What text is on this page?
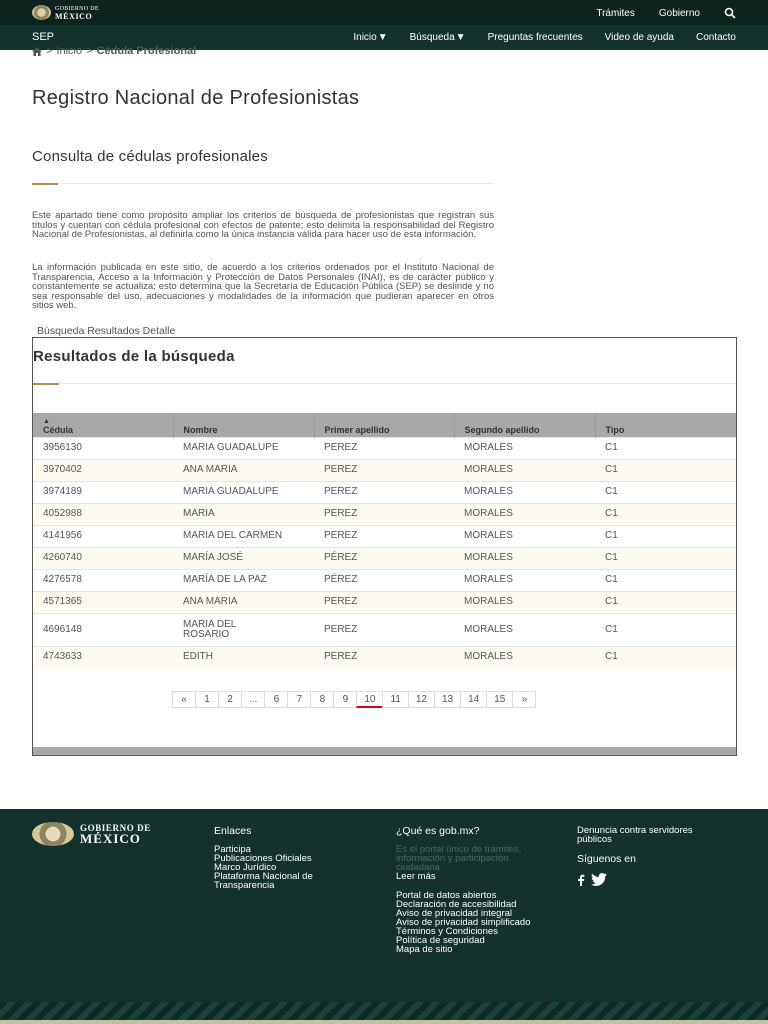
GOBIERNO DE
MÉXICO	Trámites Gobierno
SEP	Inicio▼ Búsqueda▼ Preguntas frecuentes Video de ayuda Contacto
> Inicio > Cédula Profesional
Registro Nacional de Profesionistas
Consulta de cédulas profesionales

Este apartado tiene como propósito ampliar los criterios de búsqueda de profesionistas que registran sus títulos y cuentan con cédula profesional con efectos de patente; esto delimita la responsabilidad del Registro Nacional de Profesionistas, al definirla como la única instancia válida para hacer uso de esta información.

La información publicada en este sitio, de acuerdo a los criterios ordenados por el Instituto Nacional de Transparencia, Acceso a la Información y Protección de Datos Personales (INAI), es de carácter público y constantemente se actualiza; esto determina que la Secretaría de Educación Pública (SEP) se deslinde y no sea responsable del uso, adecuaciones y modalidades de la información que pudieran aparecer en otros sitios web.

Búsqueda Resultados Detalle
Resultados de la búsqueda
▲
Cédula	Nombre	Primer apellido	Segundo apellido	Tipo
3956130	MARIA GUADALUPE	PEREZ	MORALES	C1
3970402	ANA MARIA	PEREZ	MORALES	C1
3974189	MARIA GUADALUPE	PEREZ	MORALES	C1
4052988	MARIA	PEREZ	MORALES	C1
4141956	MARIA DEL CARMEN	PEREZ	MORALES	C1
4260740	MARÍA JOSÉ	PÉREZ	MORALES	C1
4276578	MARÍA DE LA PAZ	PÉREZ	MORALES	C1
4571365	ANA MARIA	PEREZ	MORALES	C1
4696148	MARIA DEL ROSARIO	PEREZ	MORALES	C1
4743633	EDITH	PEREZ	MORALES	C1
«	1	2	...	6	7	8	9	10	11	12	13	14	15	»
GOBIERNO DE
MÉXICO	Enlaces
Participa
Publicaciones Oficiales
Marco Jurídico
Plataforma Nacional de Transparencia
¿Qué es gob.mx?
Es el portal único de trámites, información y participación ciudadana.
Leer más
Portal de datos abiertos
Declaración de accesibilidad
Aviso de privacidad integral
Aviso de privacidad simplificado
Términos y Condiciones
Política de seguridad
Mapa de sitio
Denuncia contra servidores públicos
Síguenos en
